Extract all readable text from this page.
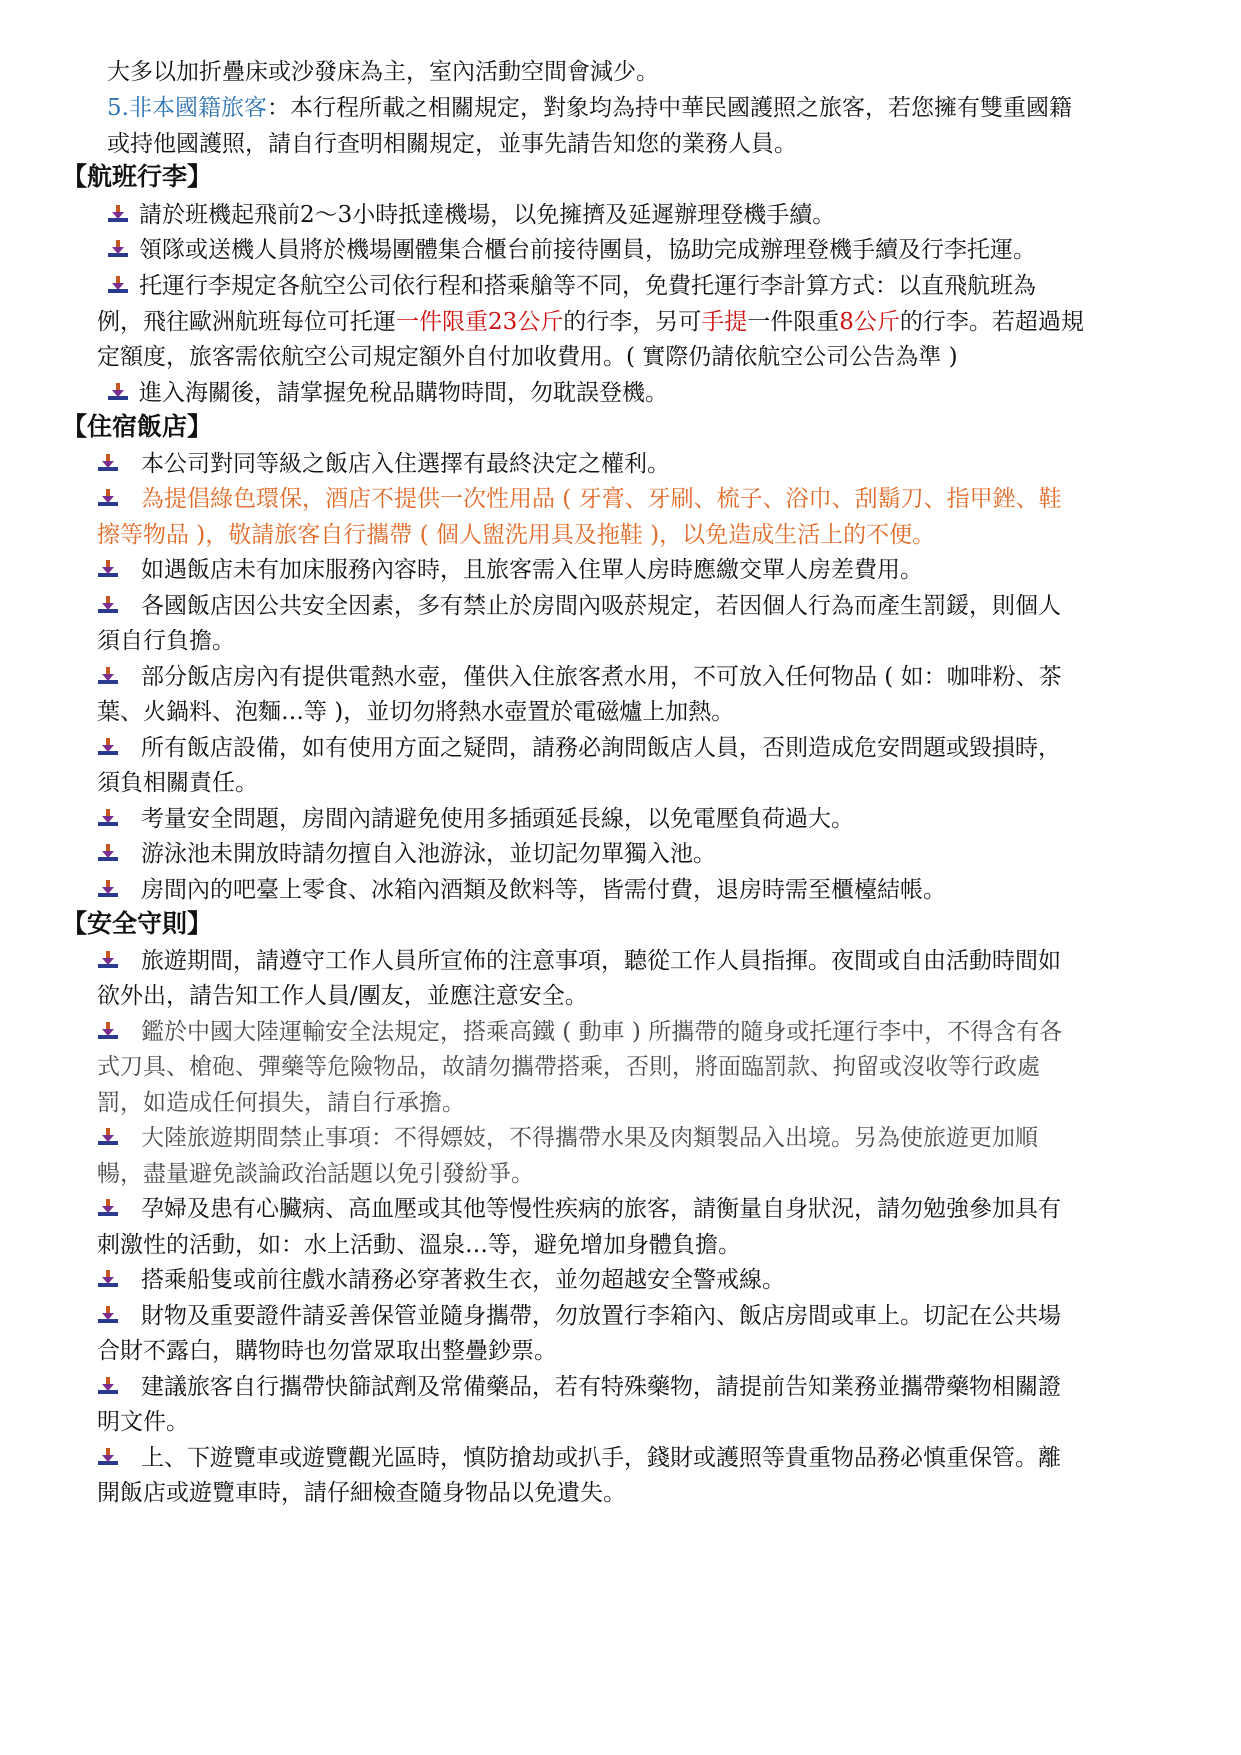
大多以加折疊床或沙發床為主，室內活動空間會減少。
5.非本國籍旅客：本行程所載之相關規定，對象均為持中華民國護照之旅客，若您擁有雙重國籍
或持他國護照，請自行查明相關規定，並事先請告知您的業務人員。
【航班行李】
請於班機起飛前2～3小時抵達機場，以免擁擠及延遲辦理登機手續。
領隊或送機人員將於機場團體集合櫃台前接待團員，協助完成辦理登機手續及行李托運。
托運行李規定各航空公司依行程和搭乘艙等不同，免費托運行李計算方式：以直飛航班為
例，飛往歐洲航班每位可托運一件限重23公斤的行李，另可手提一件限重8公斤的行李。若超過規
定額度，旅客需依航空公司規定額外自付加收費用。( 實際仍請依航空公司公告為準 )
進入海關後，請掌握免稅品購物時間，勿耽誤登機。
【住宿飯店】
本公司對同等級之飯店入住選擇有最終決定之權利。
為提倡綠色環保，酒店不提供一次性用品 ( 牙膏、牙刷、梳子、浴巾、刮鬍刀、指甲銼、鞋
擦等物品 )，敬請旅客自行攜帶 ( 個人盥洗用具及拖鞋 )，以免造成生活上的不便。
如遇飯店未有加床服務內容時，且旅客需入住單人房時應繳交單人房差費用。
各國飯店因公共安全因素，多有禁止於房間內吸菸規定，若因個人行為而產生罰鍰，則個人
須自行負擔。
部分飯店房內有提供電熱水壺，僅供入住旅客煮水用，不可放入任何物品 ( 如：咖啡粉、茶
葉、火鍋料、泡麵…等 )，並切勿將熱水壺置於電磁爐上加熱。
所有飯店設備，如有使用方面之疑問，請務必詢問飯店人員，否則造成危安問題或毀損時，
須負相關責任。
考量安全問題，房間內請避免使用多插頭延長線，以免電壓負荷過大。
游泳池未開放時請勿擅自入池游泳，並切記勿單獨入池。
房間內的吧臺上零食、冰箱內酒類及飲料等，皆需付費，退房時需至櫃檯結帳。
【安全守則】
旅遊期間，請遵守工作人員所宣佈的注意事項，聽從工作人員指揮。夜間或自由活動時間如
欲外出，請告知工作人員/團友，並應注意安全。
鑑於中國大陸運輸安全法規定，搭乘高鐵 ( 動車 ) 所攜帶的隨身或托運行李中，不得含有各
式刀具、槍砲、彈藥等危險物品，故請勿攜帶搭乘，否則，將面臨罰款、拘留或沒收等行政處
罰，如造成任何損失，請自行承擔。
大陸旅遊期間禁止事項：不得嫖妓，不得攜帶水果及肉類製品入出境。另為使旅遊更加順
暢，盡量避免談論政治話題以免引發紛爭。
孕婦及患有心臟病、高血壓或其他等慢性疾病的旅客，請衡量自身狀況，請勿勉強參加具有
刺激性的活動，如：水上活動、溫泉…等，避免增加身體負擔。
搭乘船隻或前往戲水請務必穿著救生衣，並勿超越安全警戒線。
財物及重要證件請妥善保管並隨身攜帶，勿放置行李箱內、飯店房間或車上。切記在公共場
合財不露白，購物時也勿當眾取出整疊鈔票。
建議旅客自行攜帶快篩試劑及常備藥品，若有特殊藥物，請提前告知業務並攜帶藥物相關證
明文件。
上、下遊覽車或遊覽觀光區時，慎防搶劫或扒手，錢財或護照等貴重物品務必慎重保管。離
開飯店或遊覽車時，請仔細檢查隨身物品以免遺失。
